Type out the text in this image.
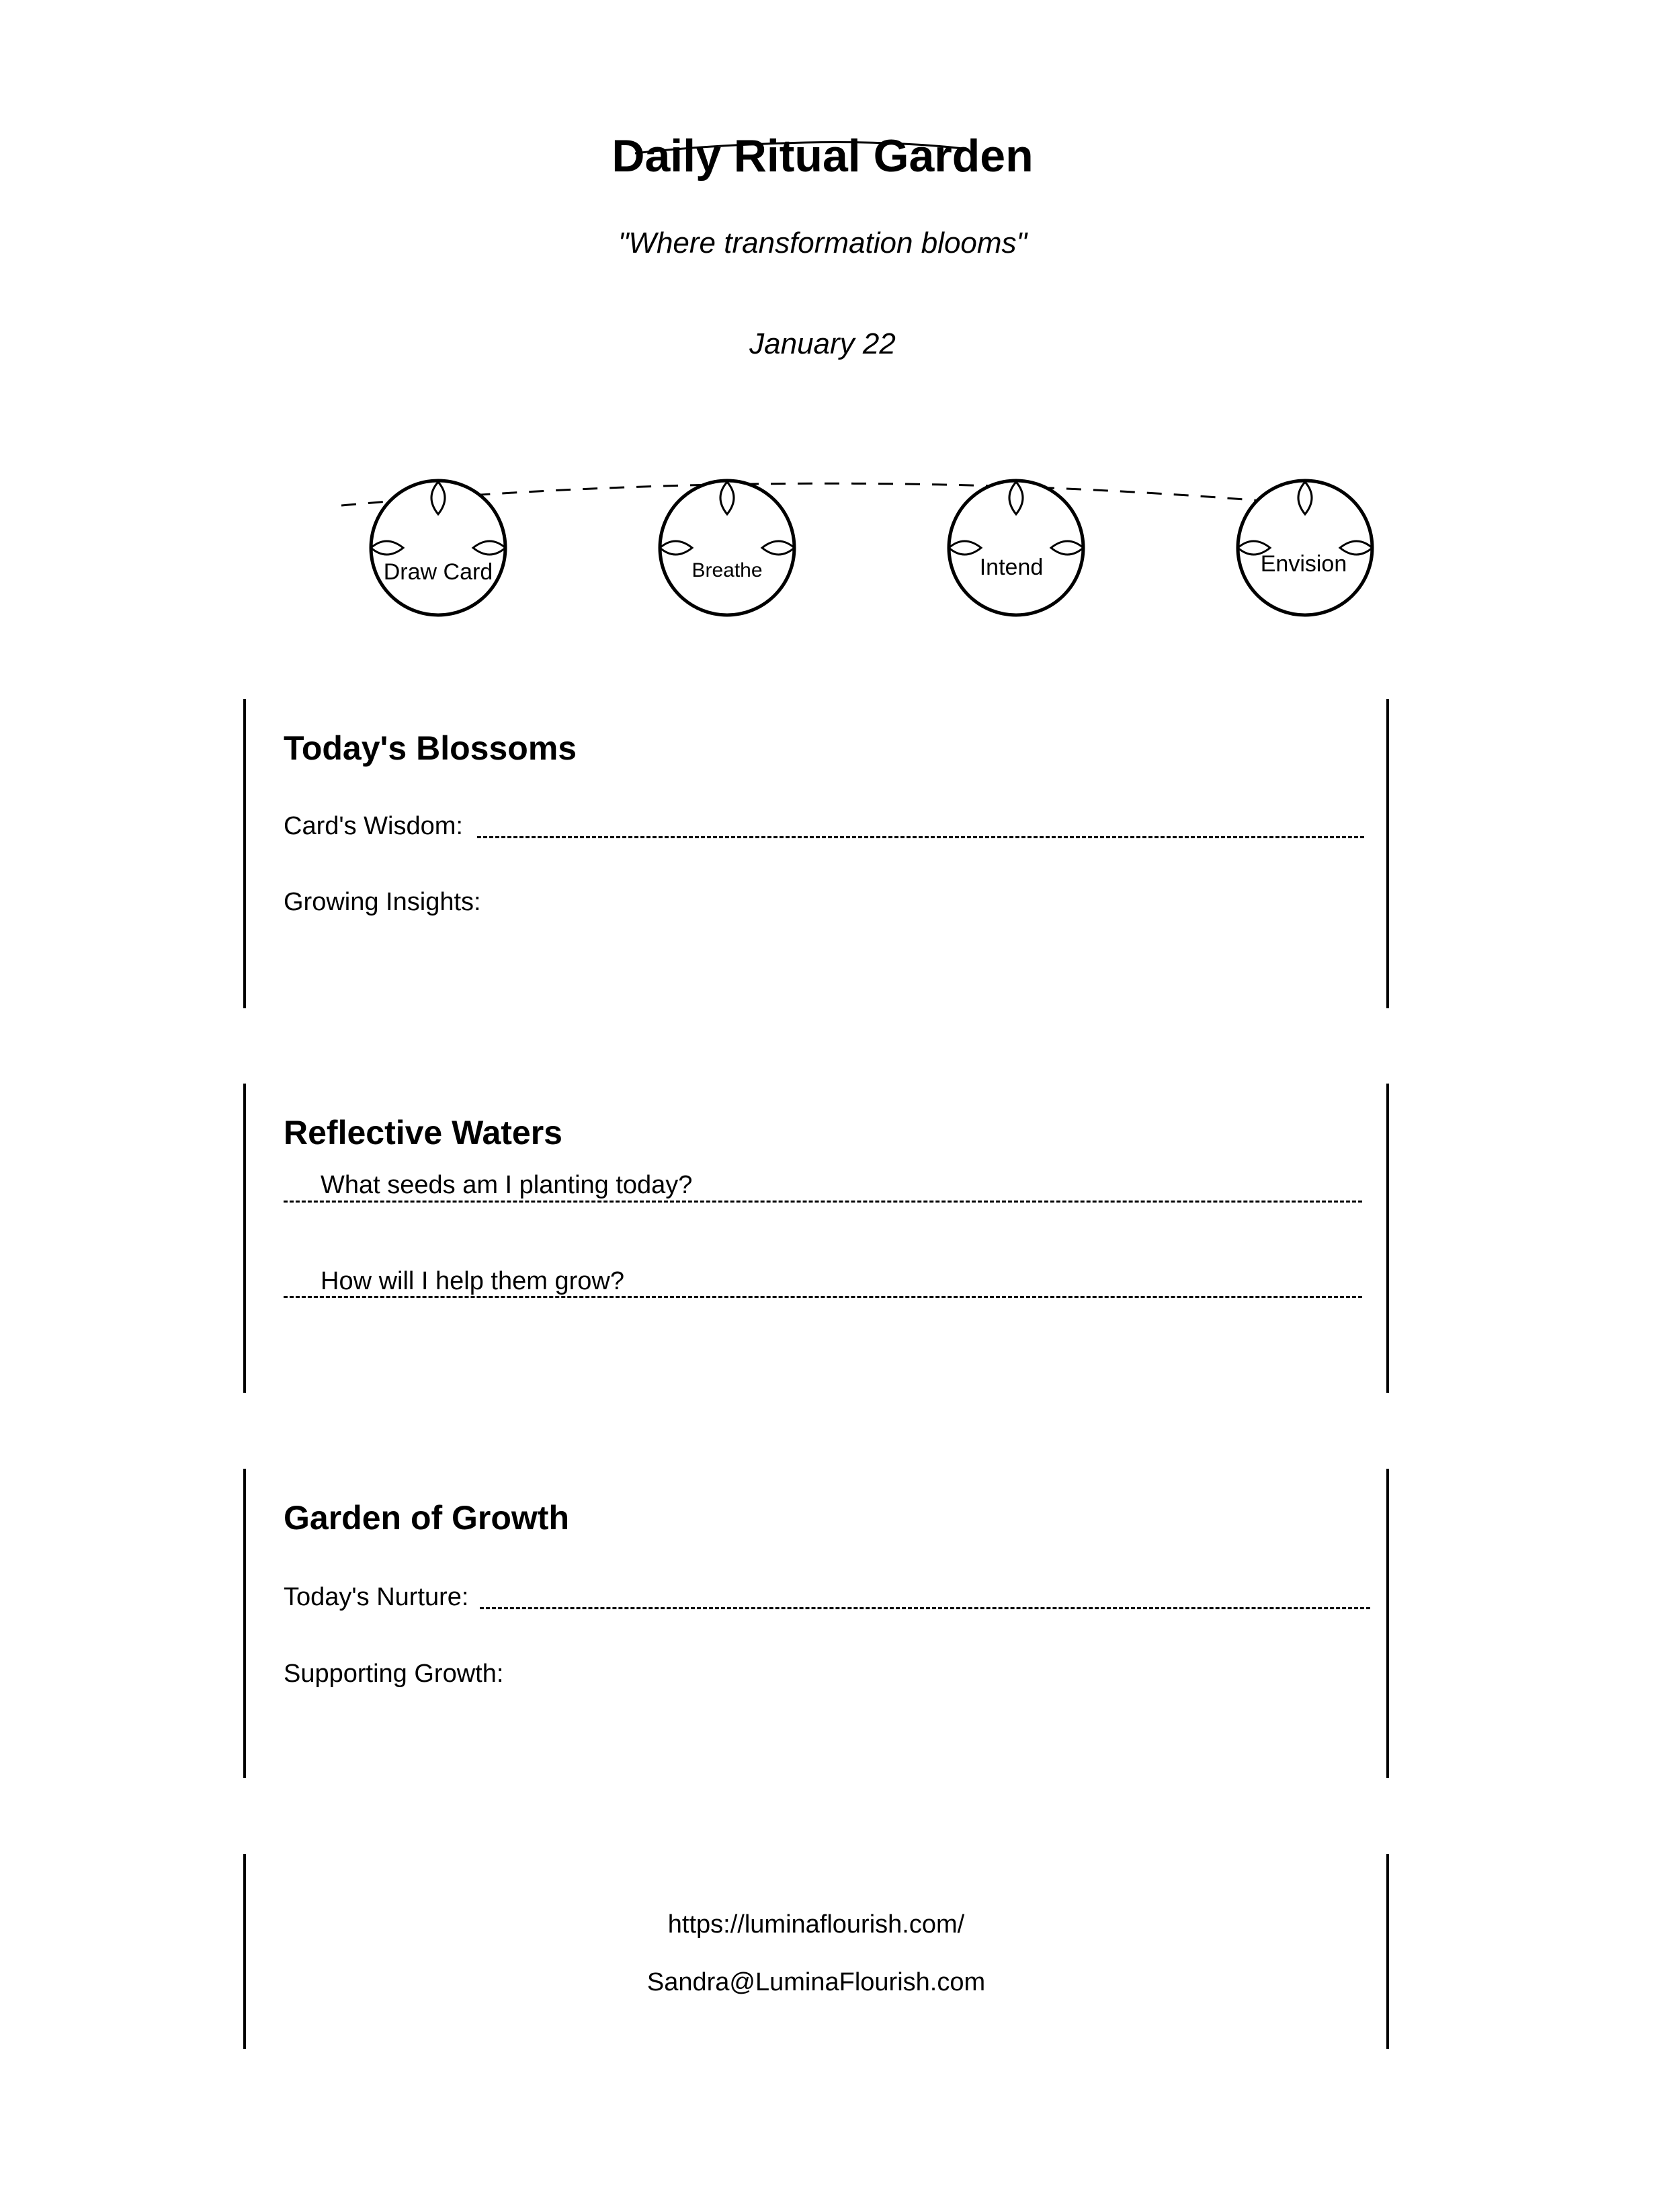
Daily Ritual Garden
"Where transformation blooms"
January 22
Draw Card	Breathe	Intend	Envision
Today's Blossoms
Card's Wisdom:
Growing Insights:
Reflective Waters
What seeds am I planting today?
How will I help them grow?
Garden of Growth
Today's Nurture:
Supporting Growth:
https://luminaflourish.com/
Sandra@LuminaFlourish.com
